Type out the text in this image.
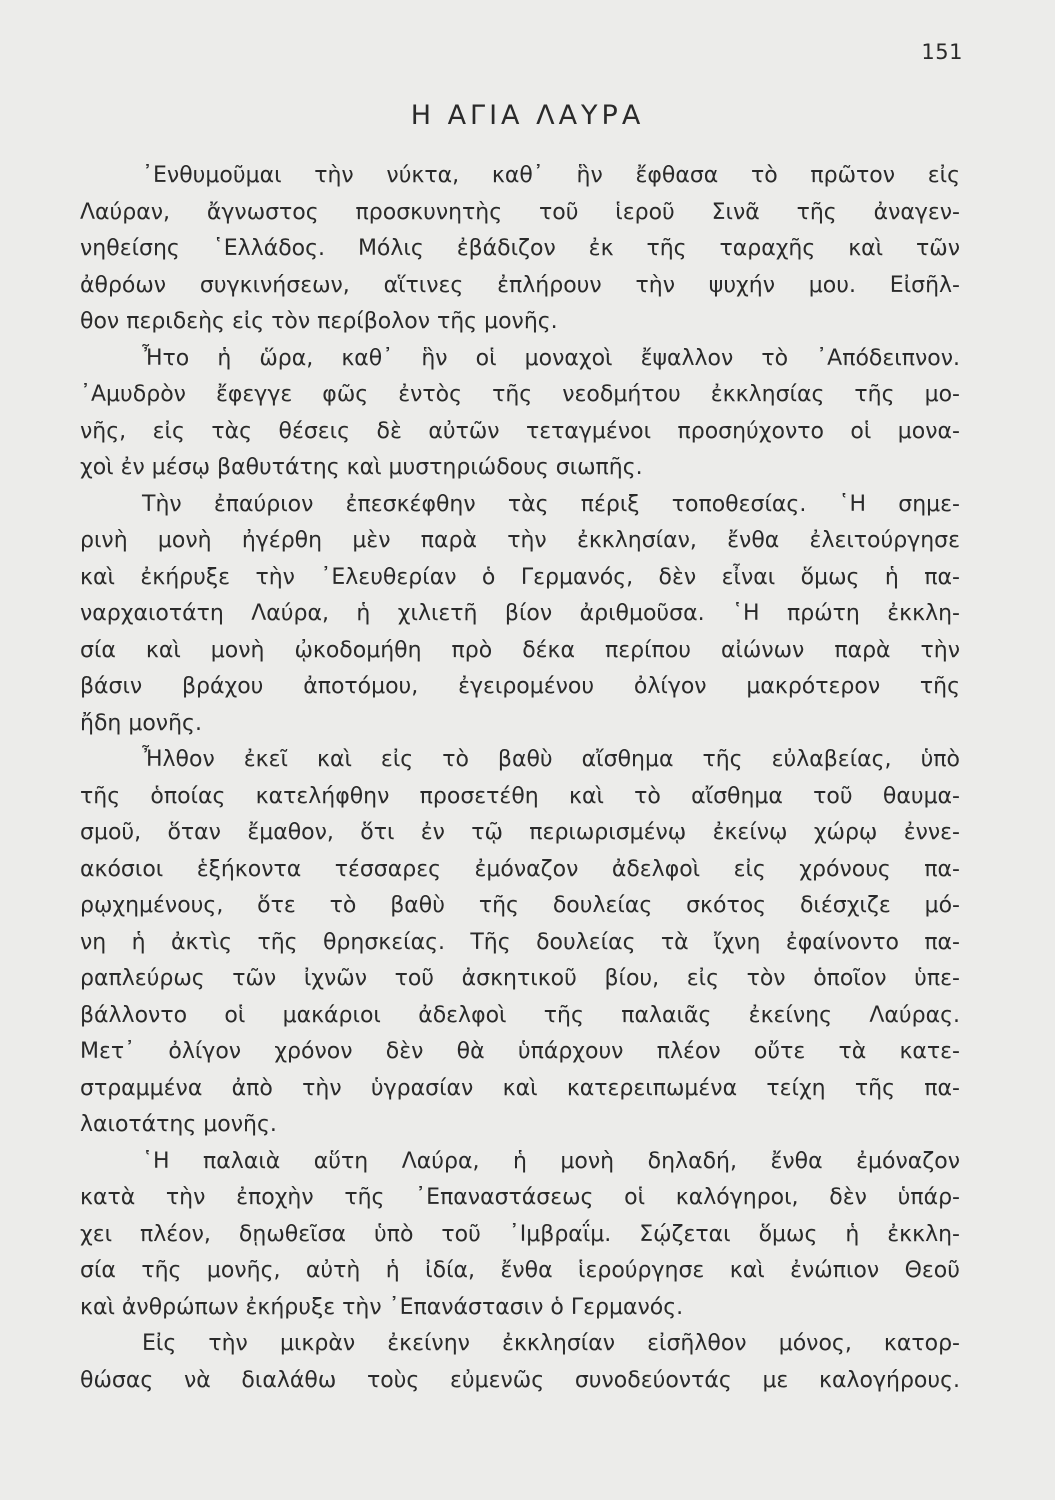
151
Η ΑΓΙΑ ΛΑΥΡΑ
᾿Ενθυμοῦμαι τὴν νύκτα, καθ᾿ ἣν ἔφθασα τὸ πρῶτον εἰς
Λαύραν, ἄγνωστος προσκυνητὴς τοῦ ἱεροῦ Σινᾶ τῆς ἀναγεν-
νηθείσης ῾Ελλάδος. Μόλις ἐβάδιζον ἐκ τῆς ταραχῆς καὶ τῶν
ἀθρόων συγκινήσεων, αἵτινες ἐπλήρουν τὴν ψυχήν μου. Εἰσῆλ-
θον περιδεὴς εἰς τὸν περίβολον τῆς μονῆς.
Ἦτο ἡ ὥρα, καθ᾿ ἣν οἱ μοναχοὶ ἔψαλλον τὸ ᾿Απόδειπνον.
᾿Αμυδρὸν ἔφεγγε φῶς ἐντὸς τῆς νεοδμήτου ἐκκλησίας τῆς μο-
νῆς, εἰς τὰς θέσεις δὲ αὐτῶν τεταγμένοι προσηύχοντο οἱ μονα-
χοὶ ἐν μέσῳ βαθυτάτης καὶ μυστηριώδους σιωπῆς.
Τὴν ἐπαύριον ἐπεσκέφθην τὰς πέριξ τοποθεσίας. ῾Η σημε-
ρινὴ μονὴ ἠγέρθη μὲν παρὰ τὴν ἐκκλησίαν, ἔνθα ἐλειτούργησε
καὶ ἐκήρυξε τὴν ᾿Ελευθερίαν ὁ Γερμανός, δὲν εἶναι ὅμως ἡ πα-
ναρχαιοτάτη Λαύρα, ἡ χιλιετῆ βίον ἀριθμοῦσα. ῾Η πρώτη ἐκκλη-
σία καὶ μονὴ ᾠκοδομήθη πρὸ δέκα περίπου αἰώνων παρὰ τὴν
βάσιν βράχου ἀποτόμου, ἐγειρομένου ὀλίγον μακρότερον τῆς
ἤδη μονῆς.
Ἦλθον ἐκεῖ καὶ εἰς τὸ βαθὺ αἴσθημα τῆς εὐλαβείας, ὑπὸ
τῆς ὁποίας κατελήφθην προσετέθη καὶ τὸ αἴσθημα τοῦ θαυμα-
σμοῦ, ὅταν ἔμαθον, ὅτι ἐν τῷ περιωρισμένῳ ἐκείνῳ χώρῳ ἐννε-
ακόσιοι ἑξήκοντα τέσσαρες ἐμόναζον ἀδελφοὶ εἰς χρόνους πα-
ρῳχημένους, ὅτε τὸ βαθὺ τῆς δουλείας σκότος διέσχιζε μό-
νη ἡ ἀκτὶς τῆς θρησκείας. Τῆς δουλείας τὰ ἴχνη ἐφαίνοντο πα-
ραπλεύρως τῶν ἰχνῶν τοῦ ἀσκητικοῦ βίου, εἰς τὸν ὁποῖον ὑπε-
βάλλοντο οἱ μακάριοι ἀδελφοὶ τῆς παλαιᾶς ἐκείνης Λαύρας.
Μετ᾿ ὀλίγον χρόνον δὲν θὰ ὑπάρχουν πλέον οὔτε τὰ κατε-
στραμμένα ἀπὸ τὴν ὑγρασίαν καὶ κατερειπωμένα τείχη τῆς πα-
λαιοτάτης μονῆς.
῾Η παλαιὰ αὕτη Λαύρα, ἡ μονὴ δηλαδή, ἔνθα ἐμόναζον
κατὰ τὴν ἐποχὴν τῆς ᾿Επαναστάσεως οἱ καλόγηροι, δὲν ὑπάρ-
χει πλέον, δῃωθεῖσα ὑπὸ τοῦ ᾿Ιμβραΐμ. Σῴζεται ὅμως ἡ ἐκκλη-
σία τῆς μονῆς, αὐτὴ ἡ ἰδία, ἔνθα ἱερούργησε καὶ ἐνώπιον Θεοῦ
καὶ ἀνθρώπων ἐκήρυξε τὴν ᾿Επανάστασιν ὁ Γερμανός.
Εἰς τὴν μικρὰν ἐκείνην ἐκκλησίαν εἰσῆλθον μόνος, κατορ-
θώσας νὰ διαλάθω τοὺς εὐμενῶς συνοδεύοντάς με καλογήρους.
